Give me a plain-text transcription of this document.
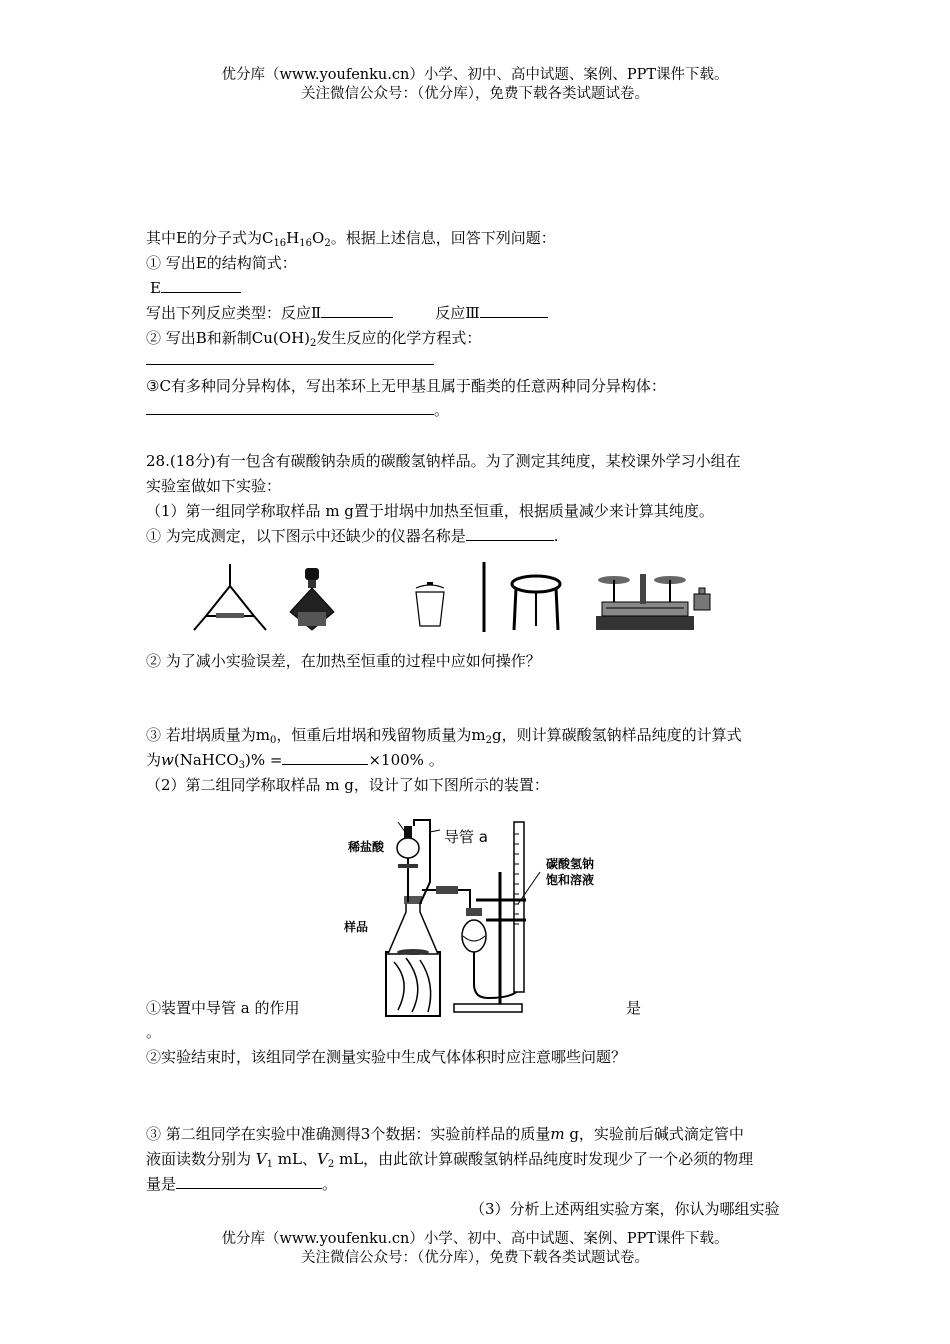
优分库（www.youfenku.cn）小学、初中、高中试题、案例、PPT课件下载。
关注微信公众号：（优分库），免费下载各类试题试卷。
其中E的分子式为$C_{16}H_{16}O_2$。根据上述信息，回答下列问题：
① 写出E的结构简式：
E
写出下列反应类型：反应Ⅱ	反应Ⅲ
② 写出B和新制$Cu(OH)_2$发生反应的化学方程式：
③C有多种同分异构体，写出苯环上无甲基且属于酯类的任意两种同分异构体：
。
28.(18分)有一包含有碳酸钠杂质的碳酸氢钠样品。为了测定其纯度，某校课外学习小组在
实验室做如下实验：
（1）第一组同学称取样品 m g置于坩埚中加热至恒重，根据质量减少来计算其纯度。
① 为完成测定，以下图示中还缺少的仪器名称是	.
② 为了减小实验误差，在加热至恒重的过程中应如何操作？
③ 若坩埚质量为$m_0$，恒重后坩埚和残留物质量为$m_2g$，则计算碳酸氢钠样品纯度的计算式
为w(NaHCO$_3$)% =	×100% 。
（2）第二组同学称取样品 m g，设计了如下图所示的装置：
稀盐酸
导管 a
样品
碳酸氢钠
饱和溶液
①装置中导管 a 的作用	是
。
②实验结束时，该组同学在测量实验中生成气体体积时应注意哪些问题？
③ 第二组同学在实验中准确测得3个数据：实验前样品的质量m g，实验前后碱式滴定管中
液面读数分别为 $V_1$ mL、$V_2$ mL，由此欲计算碳酸氢钠样品纯度时发现少了一个必须的物理
量是	。
（3）分析上述两组实验方案，你认为哪组实验
优分库（www.youfenku.cn）小学、初中、高中试题、案例、PPT课件下载。
关注微信公众号：（优分库），免费下载各类试题试卷。
